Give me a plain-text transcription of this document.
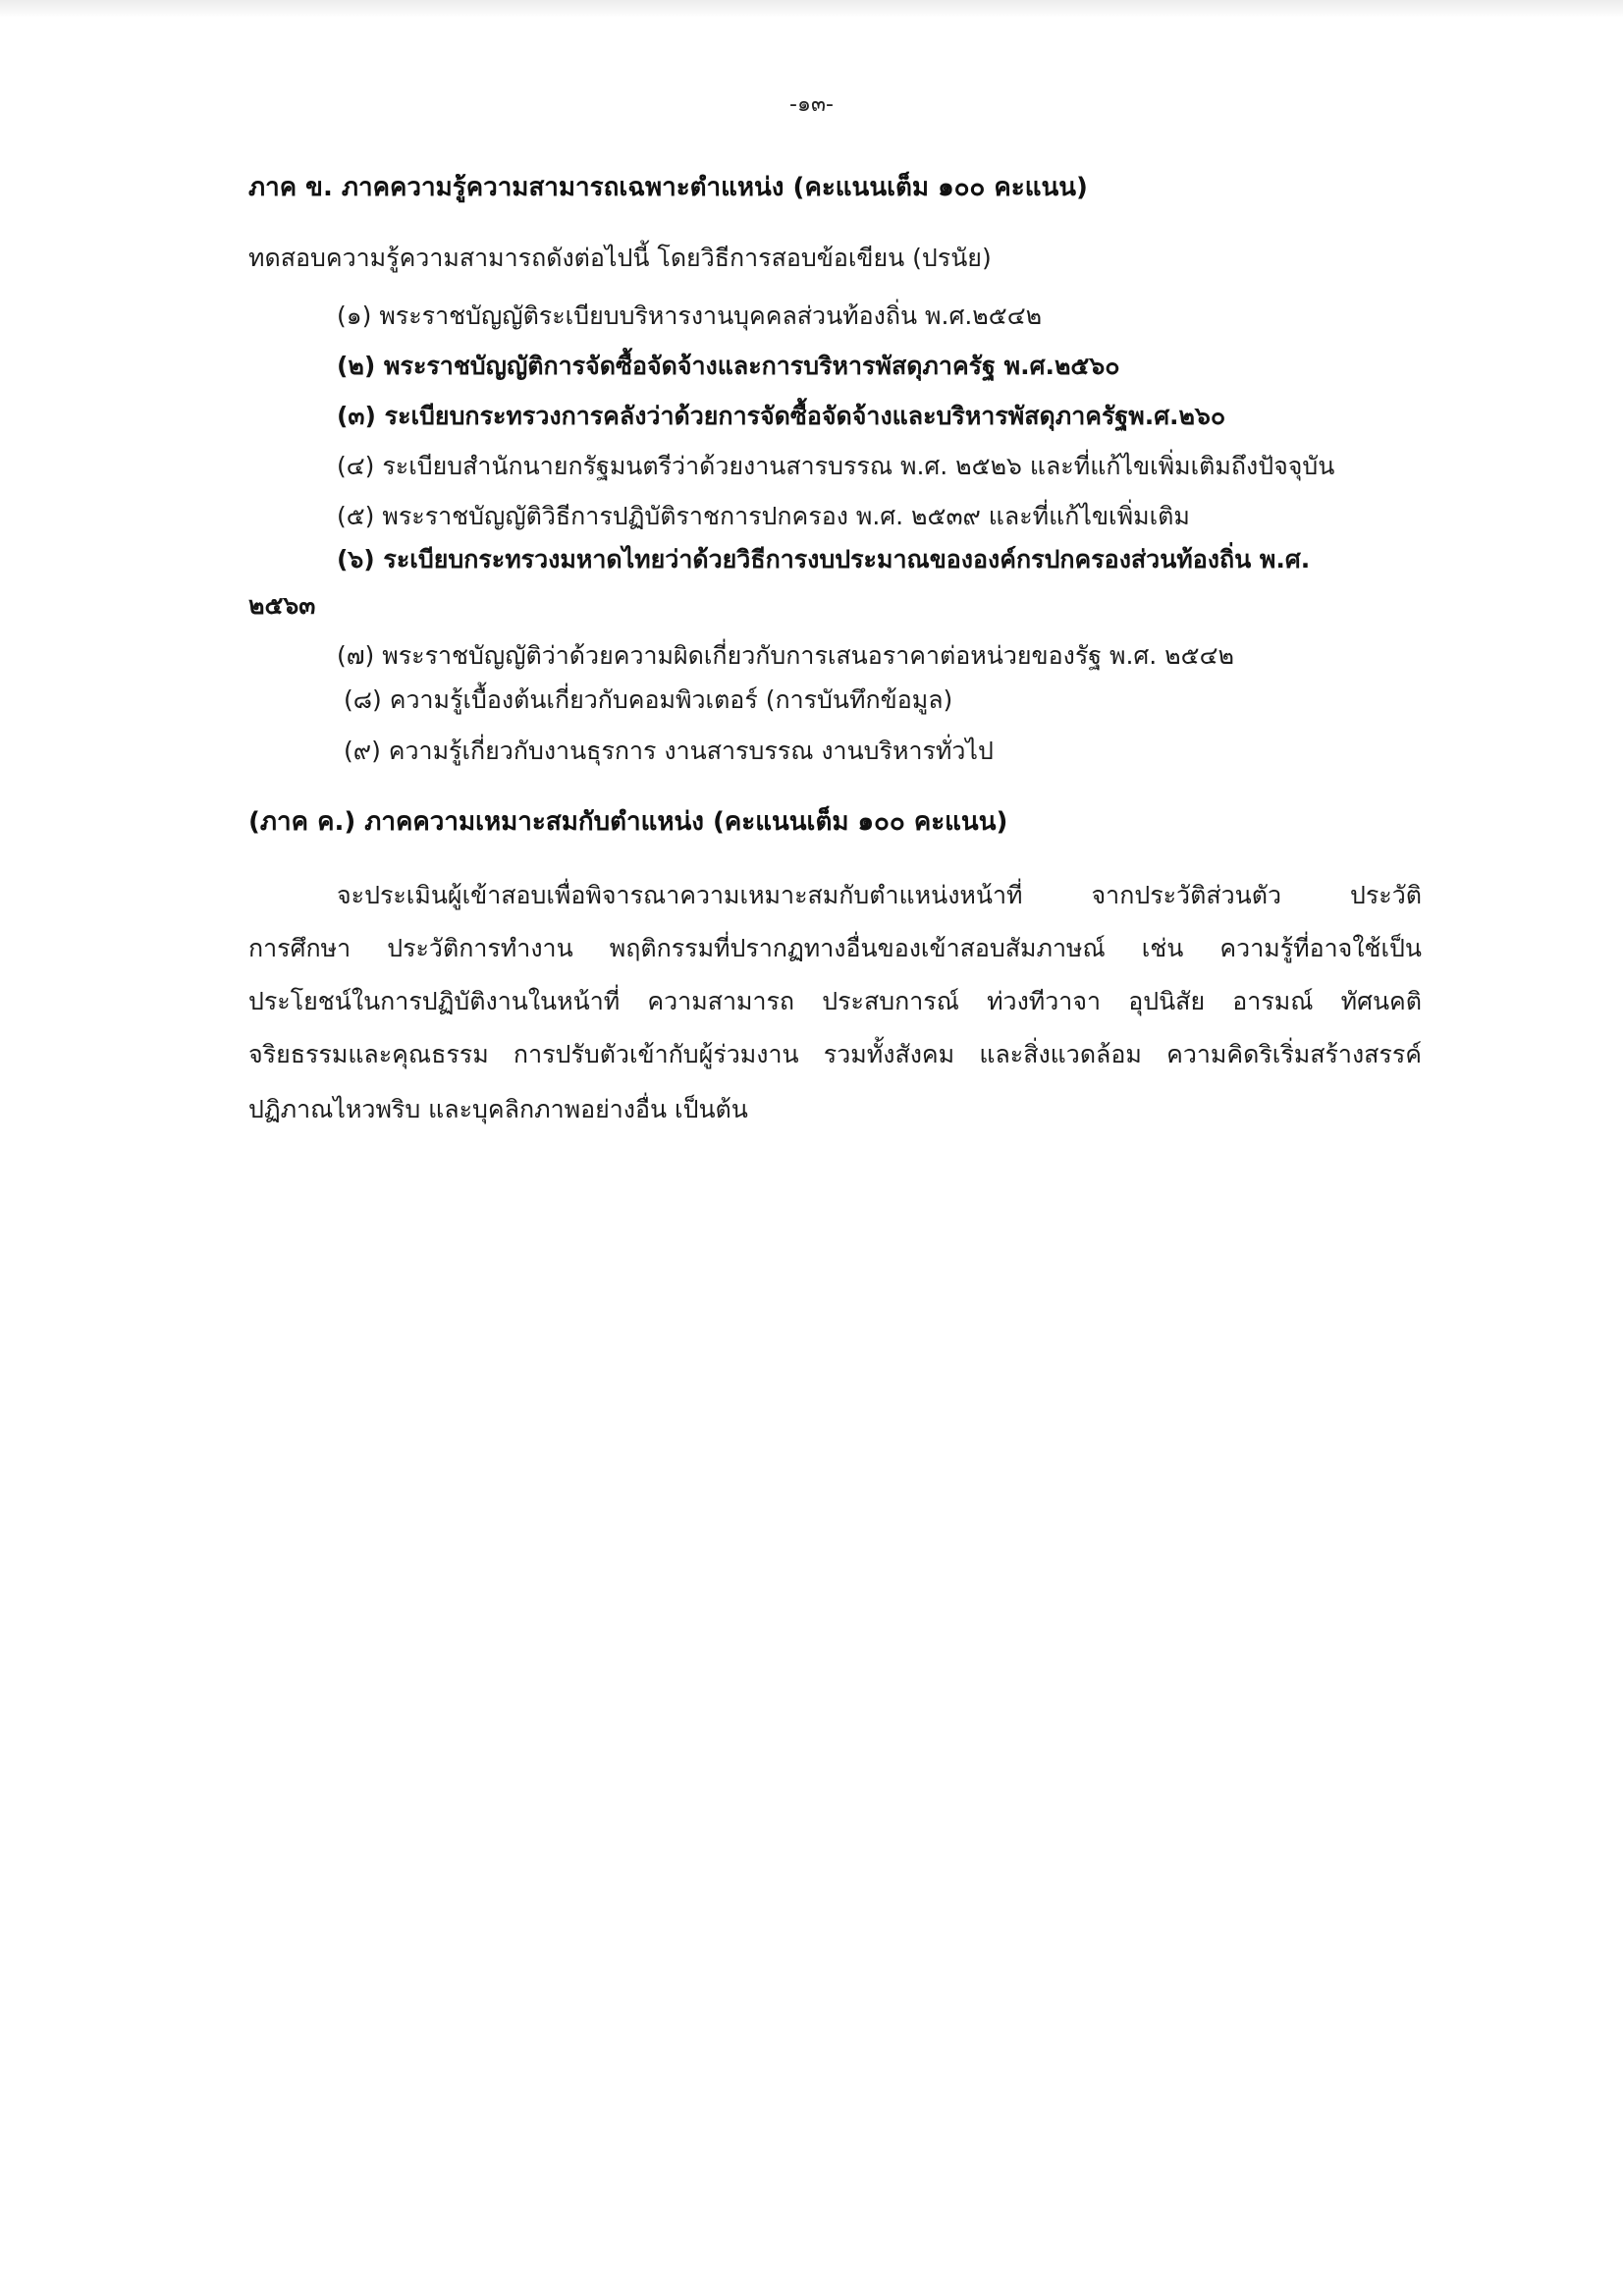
-๑๓-
ภาค ข. ภาคความรู้ความสามารถเฉพาะตำแหน่ง (คะแนนเต็ม ๑๐๐ คะแนน)
ทดสอบความรู้ความสามารถดังต่อไปนี้ โดยวิธีการสอบข้อเขียน (ปรนัย)
(๑) พระราชบัญญัติระเบียบบริหารงานบุคคลส่วนท้องถิ่น พ.ศ.๒๕๔๒
(๒) พระราชบัญญัติการจัดซื้อจัดจ้างและการบริหารพัสดุภาครัฐ พ.ศ.๒๕๖๐
(๓) ระเบียบกระทรวงการคลังว่าด้วยการจัดซื้อจัดจ้างและบริหารพัสดุภาครัฐพ.ศ.๒๖๐
(๔) ระเบียบสำนักนายกรัฐมนตรีว่าด้วยงานสารบรรณ พ.ศ. ๒๕๒๖ และที่แก้ไขเพิ่มเติมถึงปัจจุบัน
(๕) พระราชบัญญัติวิธีการปฏิบัติราชการปกครอง พ.ศ. ๒๕๓๙ และที่แก้ไขเพิ่มเติม
(๖) ระเบียบกระทรวงมหาดไทยว่าด้วยวิธีการงบประมาณขององค์กรปกครองส่วนท้องถิ่น พ.ศ.
๒๕๖๓
(๗) พระราชบัญญัติว่าด้วยความผิดเกี่ยวกับการเสนอราคาต่อหน่วยของรัฐ พ.ศ. ๒๕๔๒
(๘) ความรู้เบื้องต้นเกี่ยวกับคอมพิวเตอร์ (การบันทึกข้อมูล)
(๙) ความรู้เกี่ยวกับงานธุรการ งานสารบรรณ งานบริหารทั่วไป
(ภาค ค.) ภาคความเหมาะสมกับตำแหน่ง (คะแนนเต็ม ๑๐๐ คะแนน)
จะประเมินผู้เข้าสอบเพื่อพิจารณาความเหมาะสมกับตำแหน่งหน้าที่ จากประวัติส่วนตัว ประวัติ
การศึกษา ประวัติการทำงาน พฤติกรรมที่ปรากฏทางอื่นของเข้าสอบสัมภาษณ์ เช่น ความรู้ที่อาจใช้เป็น
ประโยชน์ในการปฏิบัติงานในหน้าที่ ความสามารถ ประสบการณ์ ท่วงทีวาจา อุปนิสัย อารมณ์ ทัศนคติ
จริยธรรมและคุณธรรม การปรับตัวเข้ากับผู้ร่วมงาน รวมทั้งสังคม และสิ่งแวดล้อม ความคิดริเริ่มสร้างสรรค์
ปฏิภาณไหวพริบ และบุคลิกภาพอย่างอื่น เป็นต้น
